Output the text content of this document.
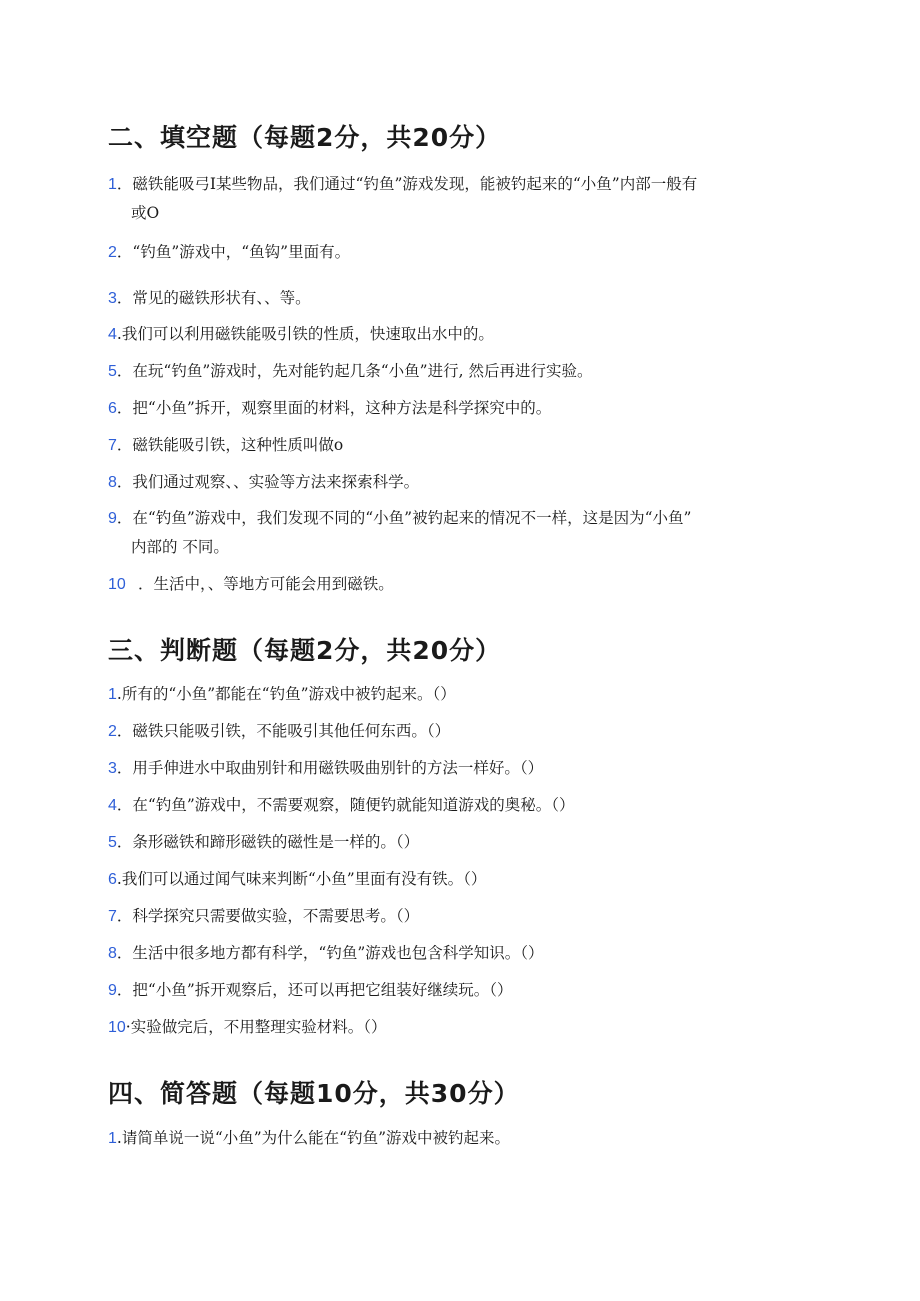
二、填空题（每题2分，共20分）
1．磁铁能吸弓I某些物品，我们通过“钓鱼”游戏发现，能被钓起来的“小鱼”内部一般有
或O
2．“钓鱼”游戏中，“鱼钩”里面有。
3．常见的磁铁形状有、、等。
4.我们可以利用磁铁能吸引铁的性质，快速取出水中的。
5．在玩“钓鱼”游戏时，先对能钓起几条“小鱼”进行, 然后再进行实验。
6．把“小鱼”拆开，观察里面的材料，这种方法是科学探究中的。
7．磁铁能吸引铁，这种性质叫做o
8．我们通过观察、、实验等方法来探索科学。
9．在“钓鱼”游戏中，我们发现不同的“小鱼”被钓起来的情况不一样，这是因为“小鱼”
内部的 不同。
10 ．生活中，、等地方可能会用到磁铁。
三、判断题（每题2分，共20分）
1.所有的“小鱼”都能在“钓鱼”游戏中被钓起来。（）
2．磁铁只能吸引铁，不能吸引其他任何东西。（）
3．用手伸进水中取曲别针和用磁铁吸曲别针的方法一样好。（）
4．在“钓鱼”游戏中，不需要观察，随便钓就能知道游戏的奥秘。（）
5．条形磁铁和蹄形磁铁的磁性是一样的。（）
6.我们可以通过闻气味来判断“小鱼”里面有没有铁。（）
7．科学探究只需要做实验，不需要思考。（）
8．生活中很多地方都有科学，“钓鱼”游戏也包含科学知识。（）
9．把“小鱼”拆开观察后，还可以再把它组装好继续玩。（）
10·实验做完后，不用整理实验材料。（）
四、简答题（每题10分，共30分）
1.请简单说一说“小鱼”为什么能在“钓鱼”游戏中被钓起来。
